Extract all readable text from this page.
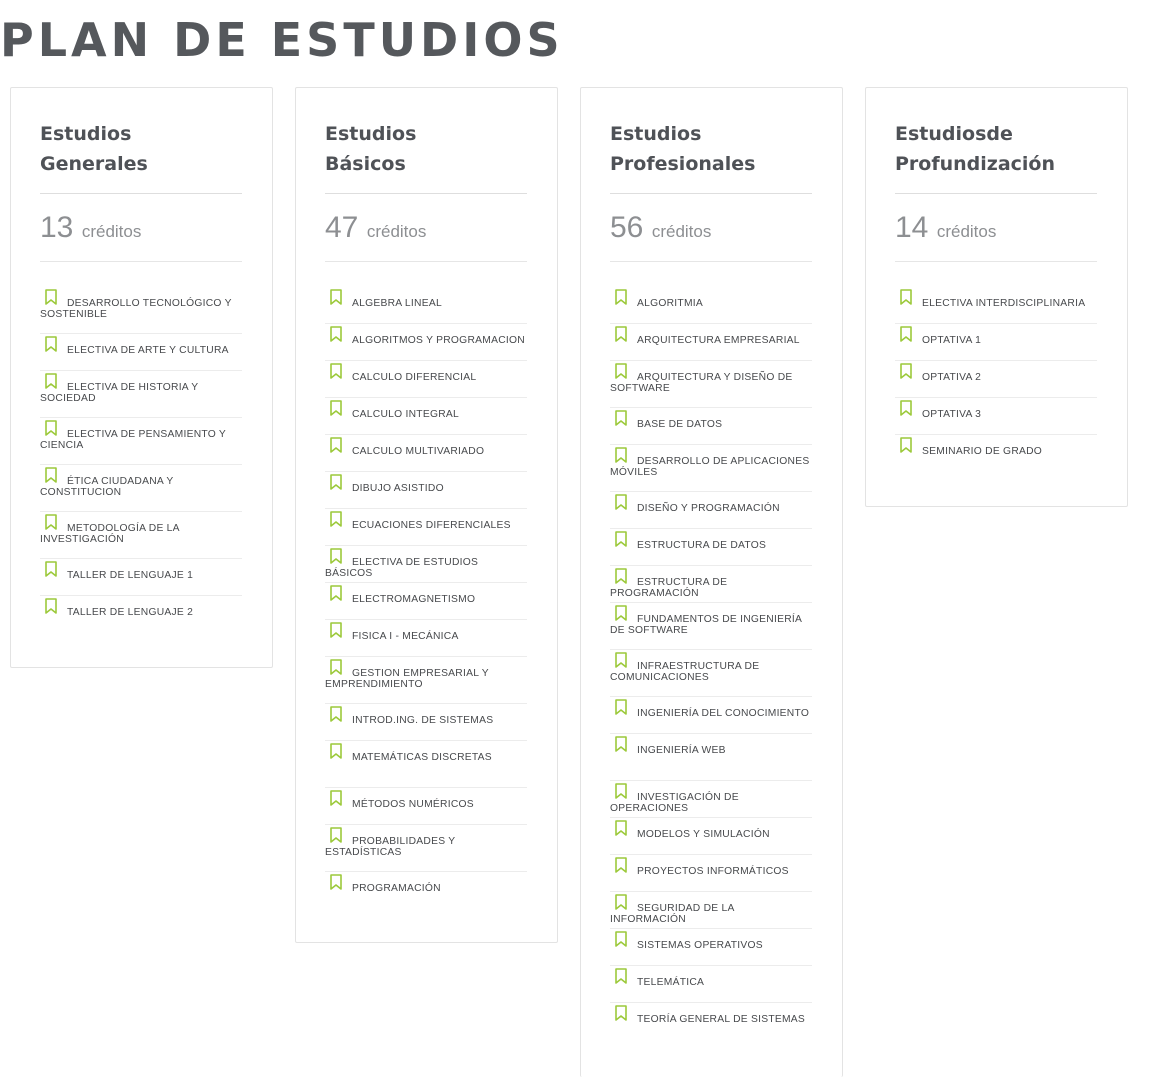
PLAN DE ESTUDIOS
Estudios
Generales
13 créditos
DESARROLLO TECNOLÓGICO Y SOSTENIBLE
ELECTIVA DE ARTE Y CULTURA
ELECTIVA DE HISTORIA Y SOCIEDAD
ELECTIVA DE PENSAMIENTO Y CIENCIA
ÉTICA CIUDADANA Y CONSTITUCION
METODOLOGÍA DE LA INVESTIGACIÓN
TALLER DE LENGUAJE 1
TALLER DE LENGUAJE 2
Estudios
Básicos
47 créditos
ALGEBRA LINEAL
ALGORITMOS Y PROGRAMACION
CALCULO DIFERENCIAL
CALCULO INTEGRAL
CALCULO MULTIVARIADO
DIBUJO ASISTIDO
ECUACIONES DIFERENCIALES
ELECTIVA DE ESTUDIOS BÁSICOS
ELECTROMAGNETISMO
FISICA I - MECÁNICA
GESTION EMPRESARIAL Y EMPRENDIMIENTO
INTROD.ING. DE SISTEMAS
MATEMÁTICAS DISCRETAS
MÉTODOS NUMÉRICOS
PROBABILIDADES Y ESTADÍSTICAS
PROGRAMACIÓN
Estudios
Profesionales
56 créditos
ALGORITMIA
ARQUITECTURA EMPRESARIAL
ARQUITECTURA Y DISEÑO DE SOFTWARE
BASE DE DATOS
DESARROLLO DE APLICACIONES MÓVILES
DISEÑO Y PROGRAMACIÓN
ESTRUCTURA DE DATOS
ESTRUCTURA DE PROGRAMACIÓN
FUNDAMENTOS DE INGENIERÍA DE SOFTWARE
INFRAESTRUCTURA DE COMUNICACIONES
INGENIERÍA DEL CONOCIMIENTO
INGENIERÍA WEB
INVESTIGACIÓN DE OPERACIONES
MODELOS Y SIMULACIÓN
PROYECTOS INFORMÁTICOS
SEGURIDAD DE LA INFORMACIÓN
SISTEMAS OPERATIVOS
TELEMÁTICA
TEORÍA GENERAL DE SISTEMAS
Estudiosde
Profundización
14 créditos
ELECTIVA INTERDISCIPLINARIA
OPTATIVA 1
OPTATIVA 2
OPTATIVA 3
SEMINARIO DE GRADO
